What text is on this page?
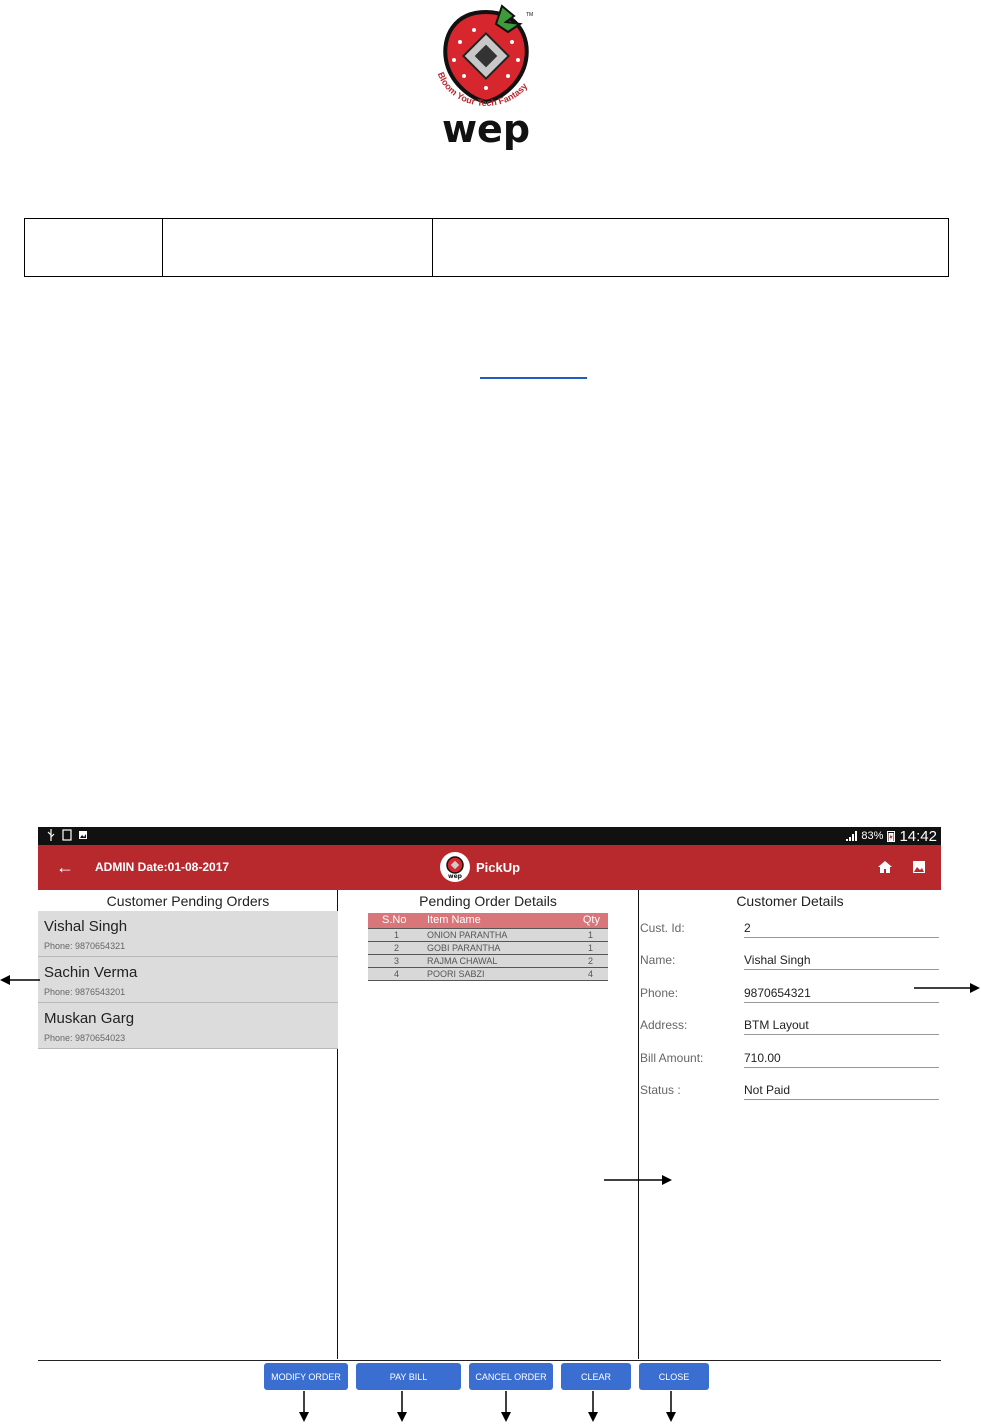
Bloom Your Tech Fantasy
TM
wep
83% 14:42
← ADMIN Date:01-08-2017
wep
PickUp
Customer Pending Orders
Vishal Singh
Phone: 9870654321
Sachin Verma
Phone: 9876543201
Muskan Garg
Phone: 9870654023
Pending Order Details
S.No Item Name	Qty
1	ONION PARANTHA	1
2	GOBI PARANTHA	1
3	RAJMA CHAWAL	2
4	POORI SABZI	4
Customer Details
Cust. Id:	2
Name:	Vishal Singh
Phone:	9870654321
Address:	BTM Layout
Bill Amount:	710.00
Status :	Not Paid
MODIFY ORDER	PAY BILL	CANCEL ORDER	CLEAR	CLOSE
